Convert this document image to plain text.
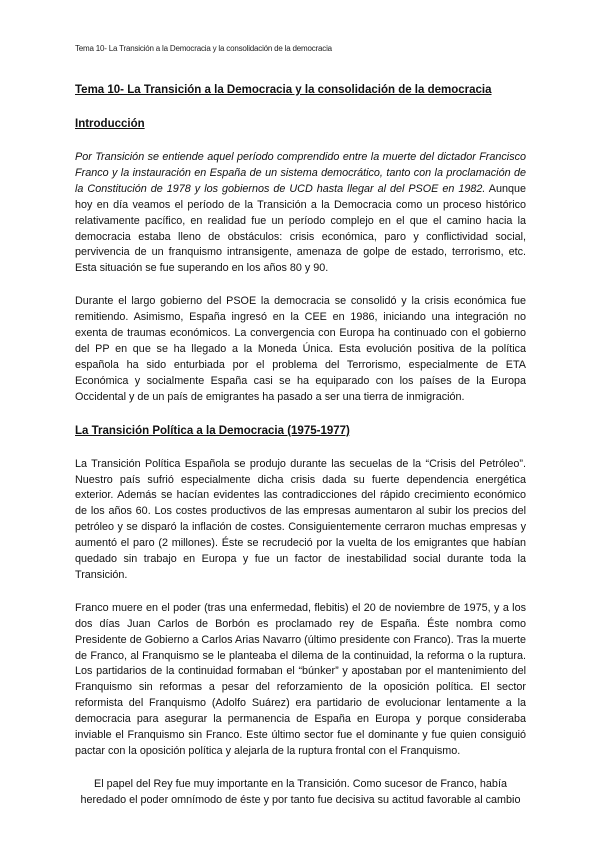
Tema 10- La Transición a la Democracia y la consolidación de la democracia
Tema 10- La Transición a la Democracia y la consolidación de la democracia
Introducción

Por Transición se entiende aquel período comprendido entre la muerte del dictador Francisco Franco y la instauración en España de un sistema democrático, tanto con la proclamación de la Constitución de 1978 y los gobiernos de UCD hasta llegar al del PSOE en 1982. Aunque hoy en día veamos el período de la Transición a la Democracia como un proceso histórico relativamente pacífico, en realidad fue un período complejo en el que el camino hacia la democracia estaba lleno de obstáculos: crisis económica, paro y conflictividad social, pervivencia de un franquismo intransigente, amenaza de golpe de estado, terrorismo, etc. Esta situación se fue superando en los años 80 y 90.

Durante el largo gobierno del PSOE la democracia se consolidó y la crisis económica fue remitiendo. Asimismo, España ingresó en la CEE en 1986, iniciando una integración no exenta de traumas económicos. La convergencia con Europa ha continuado con el gobierno del PP en que se ha llegado a la Moneda Única. Esta evolución positiva de la política española ha sido enturbiada por el problema del Terrorismo, especialmente de ETA Económica y socialmente España casi se ha equiparado con los países de la Europa Occidental y de un país de emigrantes ha pasado a ser una tierra de inmigración.

La Transición Política a la Democracia (1975-1977)

La Transición Política Española se produjo durante las secuelas de la “Crisis del Petróleo”. Nuestro país sufrió especialmente dicha crisis dada su fuerte dependencia energética exterior. Además se hacían evidentes las contradicciones del rápido crecimiento económico de los años 60. Los costes productivos de las empresas aumentaron al subir los precios del petróleo y se disparó la inflación de costes. Consiguientemente cerraron muchas empresas y aumentó el paro (2 millones). Éste se recrudeció por la vuelta de los emigrantes que habían quedado sin trabajo en Europa y fue un factor de inestabilidad social durante toda la Transición.

Franco muere en el poder (tras una enfermedad, flebitis) el 20 de noviembre de 1975, y a los dos días Juan Carlos de Borbón es proclamado rey de España. Éste nombra como Presidente de Gobierno a Carlos Arias Navarro (último presidente con Franco). Tras la muerte de Franco, al Franquismo se le planteaba el dilema de la continuidad, la reforma o la ruptura. Los partidarios de la continuidad formaban el “búnker” y apostaban por el mantenimiento del Franquismo sin reformas a pesar del reforzamiento de la oposición política. El sector reformista del Franquismo (Adolfo Suárez) era partidario de evolucionar lentamente a la democracia para asegurar la permanencia de España en Europa y porque consideraba inviable el Franquismo sin Franco. Este último sector fue el dominante y fue quien consiguió pactar con la oposición política y alejarla de la ruptura frontal con el Franquismo.

El papel del Rey fue muy importante en la Transición. Como sucesor de Franco, había heredado el poder omnímodo de éste y por tanto fue decisiva su actitud favorable al cambio
